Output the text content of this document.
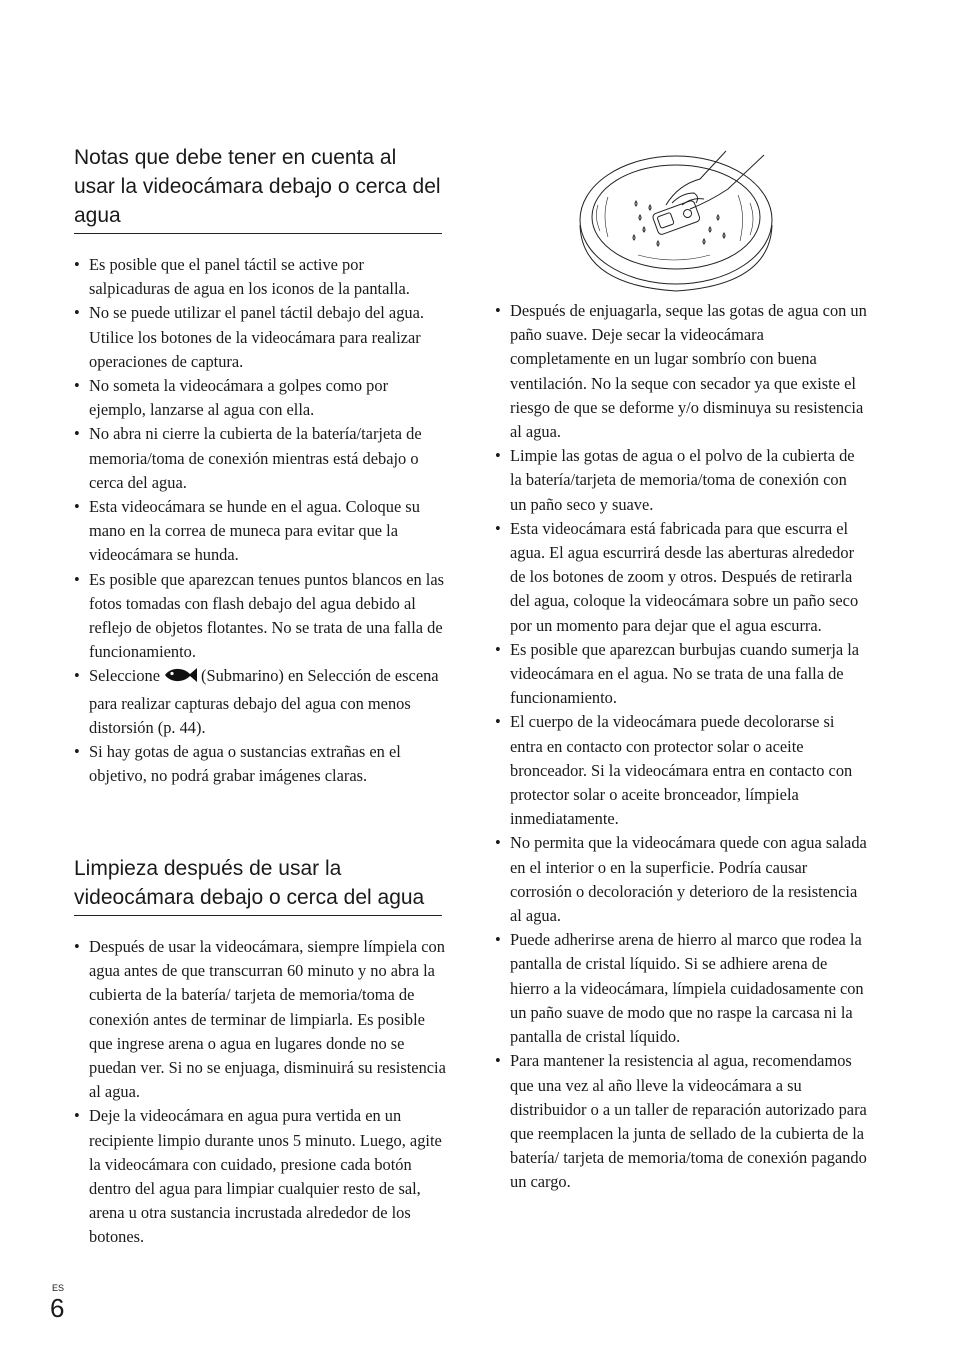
Notas que debe tener en cuenta al usar la videocámara debajo o cerca del agua
• Es posible que el panel táctil se active por salpicaduras de agua en los iconos de la pantalla.
• No se puede utilizar el panel táctil debajo del agua. Utilice los botones de la videocámara para realizar operaciones de captura.
• No someta la videocámara a golpes como por ejemplo, lanzarse al agua con ella.
• No abra ni cierre la cubierta de la batería/tarjeta de memoria/toma de conexión mientras está debajo o cerca del agua.
• Esta videocámara se hunde en el agua. Coloque su mano en la correa de muneca para evitar que la videocámara se hunda.
• Es posible que aparezcan tenues puntos blancos en las fotos tomadas con flash debajo del agua debido al reflejo de objetos flotantes. No se trata de una falla de funcionamiento.
• Seleccione	(Submarino) en Selección de escena para realizar capturas debajo del agua con menos distorsión (p. 44).
• Si hay gotas de agua o sustancias extrañas en el objetivo, no podrá grabar imágenes claras.
Limpieza después de usar la videocámara debajo o cerca del agua
• Después de usar la videocámara, siempre límpiela con agua antes de que transcurran 60 minuto y no abra la cubierta de la batería/ tarjeta de memoria/toma de conexión antes de terminar de limpiarla. Es posible que ingrese arena o agua en lugares donde no se puedan ver. Si no se enjuaga, disminuirá su resistencia al agua.
• Deje la videocámara en agua pura vertida en un recipiente limpio durante unos 5 minuto. Luego, agite la videocámara con cuidado, presione cada botón dentro del agua para limpiar cualquier resto de sal, arena u otra sustancia incrustada alrededor de los botones.
• Después de enjuagarla, seque las gotas de agua con un paño suave. Deje secar la videocámara completamente en un lugar sombrío con buena ventilación. No la seque con secador ya que existe el riesgo de que se deforme y/o disminuya su resistencia al agua.
• Limpie las gotas de agua o el polvo de la cubierta de la batería/tarjeta de memoria/toma de conexión con un paño seco y suave.
• Esta videocámara está fabricada para que escurra el agua. El agua escurrirá desde las aberturas alrededor de los botones de zoom y otros. Después de retirarla del agua, coloque la videocámara sobre un paño seco por un momento para dejar que el agua escurra.
• Es posible que aparezcan burbujas cuando sumerja la videocámara en el agua. No se trata de una falla de funcionamiento.
• El cuerpo de la videocámara puede decolorarse si entra en contacto con protector solar o aceite bronceador. Si la videocámara entra en contacto con protector solar o aceite bronceador, límpiela inmediatamente.
• No permita que la videocámara quede con agua salada en el interior o en la superficie. Podría causar corrosión o decoloración y deterioro de la resistencia al agua.
• Puede adherirse arena de hierro al marco que rodea la pantalla de cristal líquido. Si se adhiere arena de hierro a la videocámara, límpiela cuidadosamente con un paño suave de modo que no raspe la carcasa ni la pantalla de cristal líquido.
• Para mantener la resistencia al agua, recomendamos que una vez al año lleve la videocámara a su distribuidor o a un taller de reparación autorizado para que reemplacen la junta de sellado de la cubierta de la batería/ tarjeta de memoria/toma de conexión pagando un cargo.
ES
6
